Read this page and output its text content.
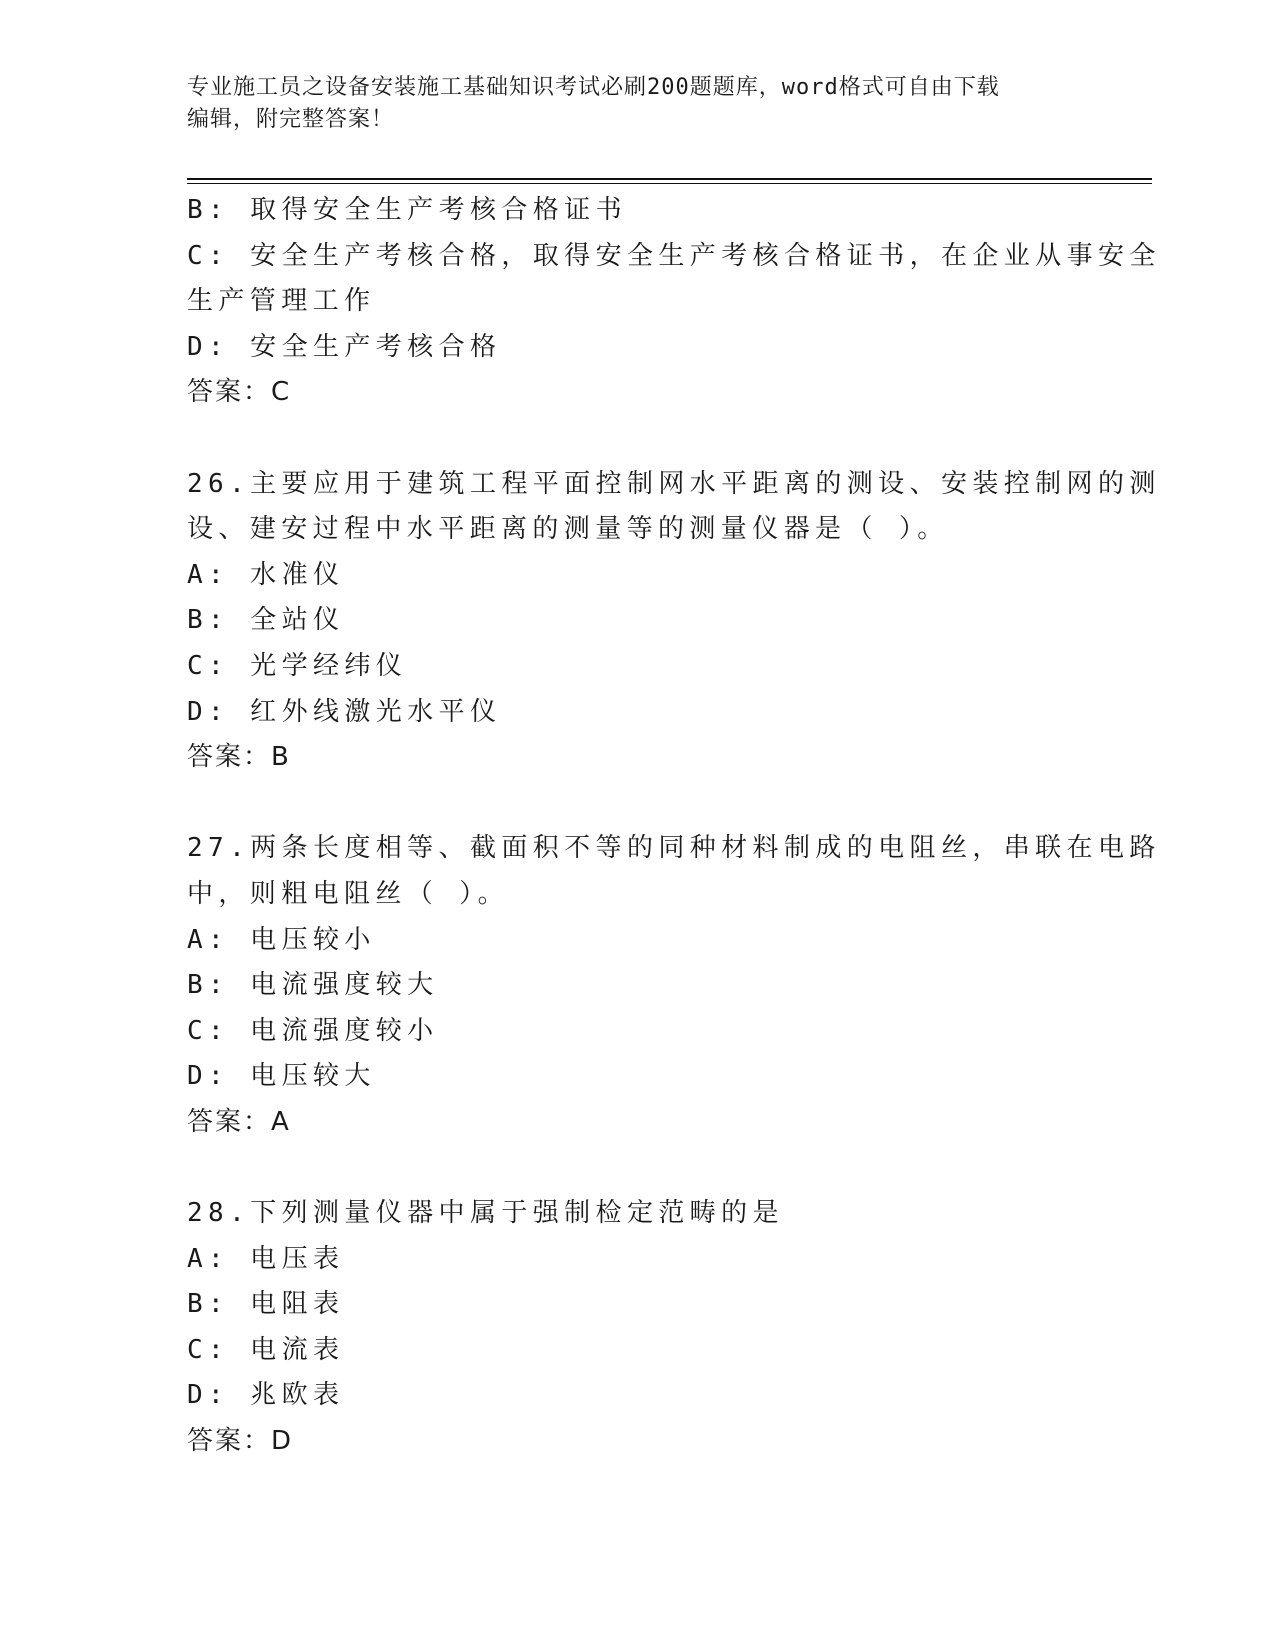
专业施工员之设备安装施工基础知识考试必刷200题题库，word格式可自由下载
编辑，附完整答案！
B: 取得安全生产考核合格证书
C: 安全生产考核合格，取得安全生产考核合格证书，在企业从事安全
生产管理工作
D: 安全生产考核合格
答案：C
26.主要应用于建筑工程平面控制网水平距离的测设、安装控制网的测
设、建安过程中水平距离的测量等的测量仪器是（ ）。
A: 水准仪
B: 全站仪
C: 光学经纬仪
D: 红外线激光水平仪
答案：B
27.两条长度相等、截面积不等的同种材料制成的电阻丝，串联在电路
中，则粗电阻丝（ ）。
A: 电压较小
B: 电流强度较大
C: 电流强度较小
D: 电压较大
答案：A
28.下列测量仪器中属于强制检定范畴的是
A: 电压表
B: 电阻表
C: 电流表
D: 兆欧表
答案：D
